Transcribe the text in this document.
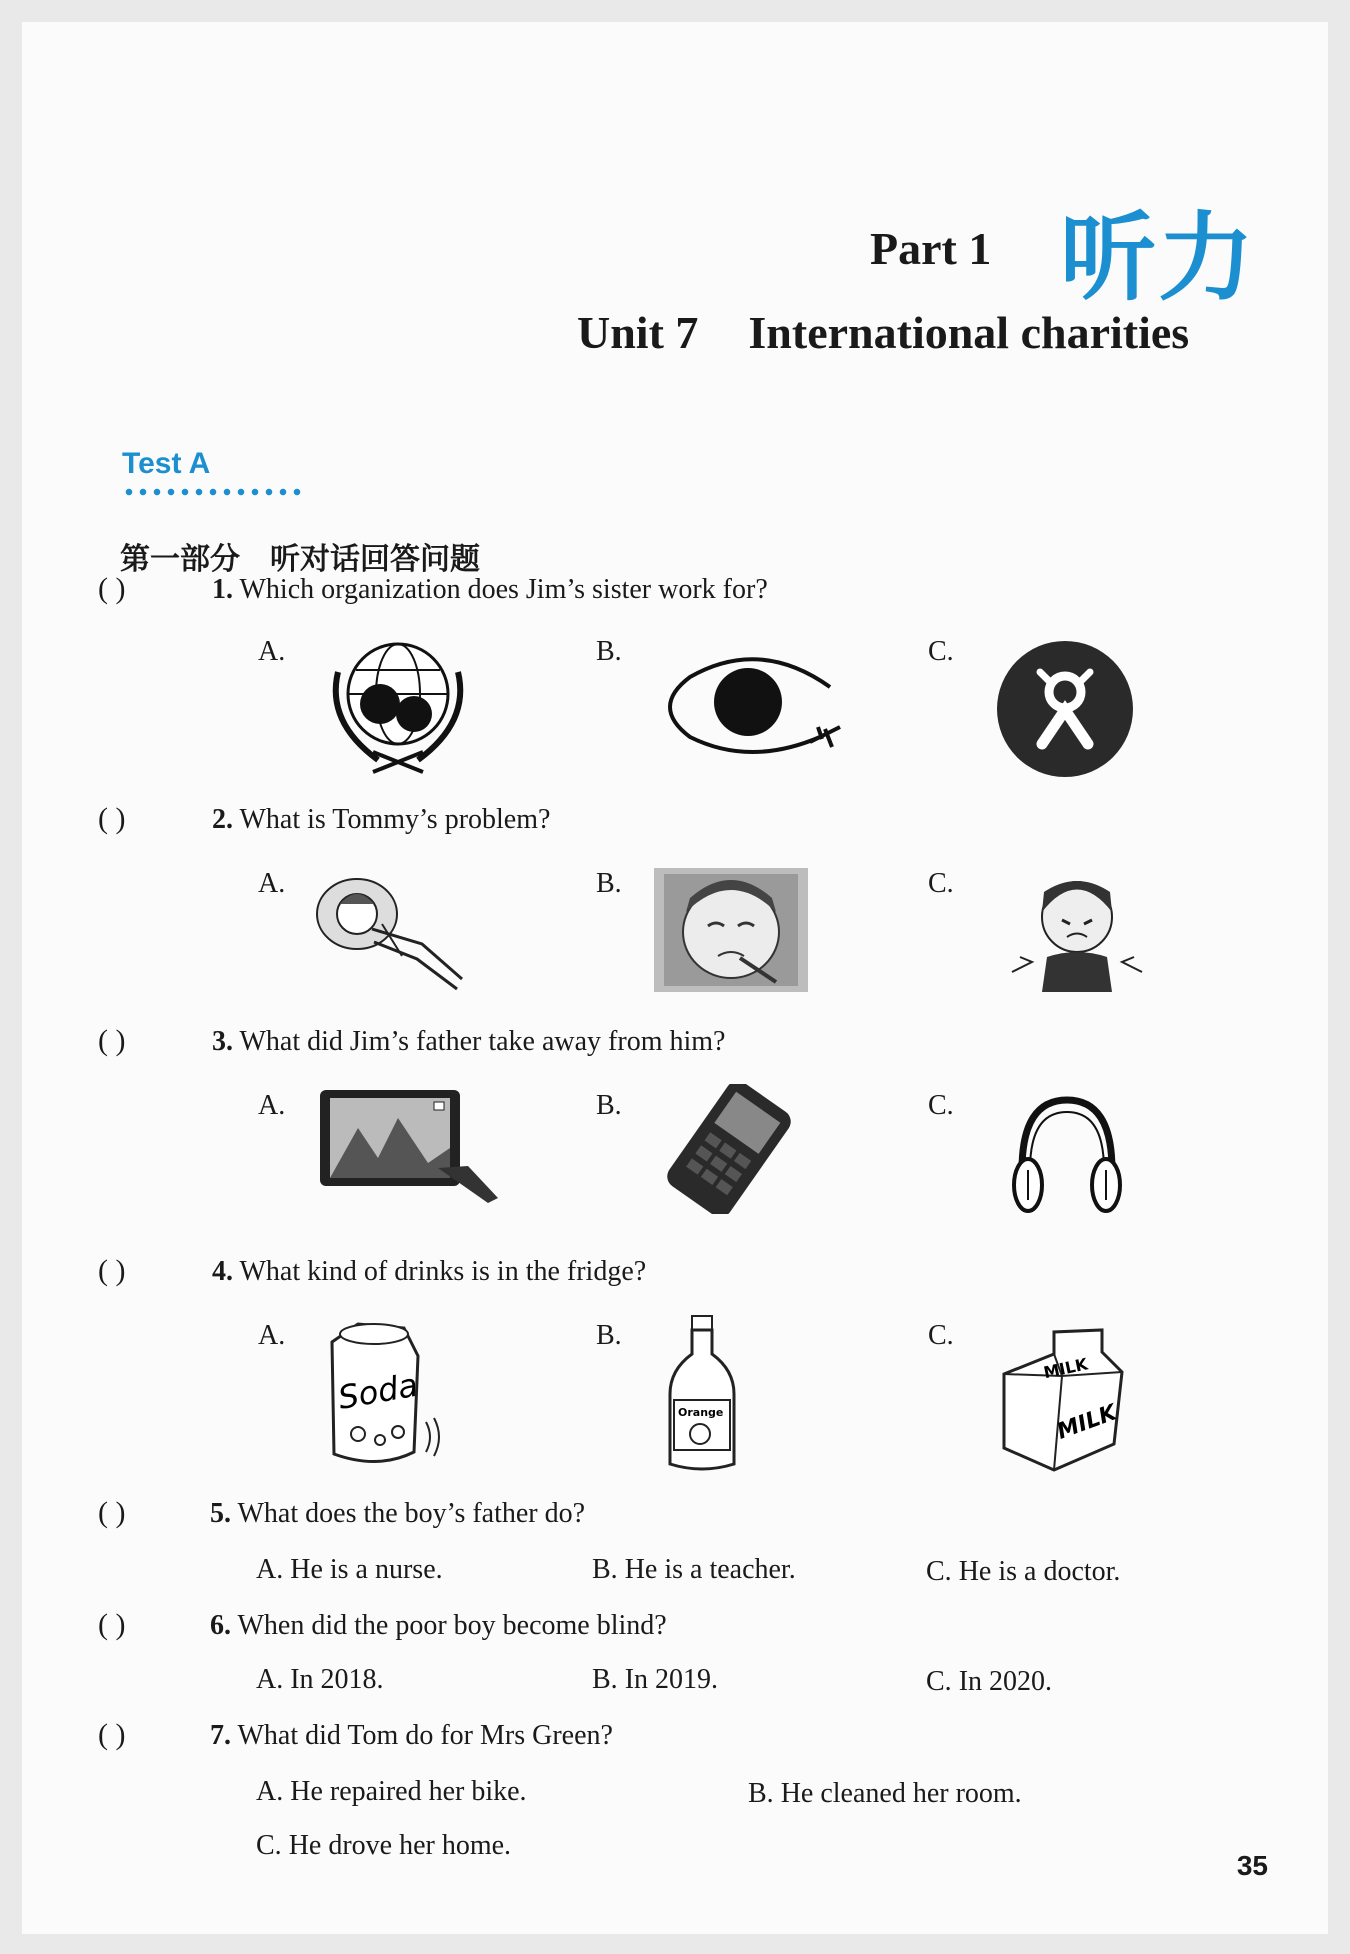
Part 1 听力
Unit 7 International charities
Test A
第一部分 听对话回答问题
( )	1. Which organization does Jim’s sister work for?
A.	B.	C.
( )	2. What is Tommy’s problem?
A.	B.	C.
( )	3. What did Jim’s father take away from him?
A.	B.	C.
( )	4. What kind of drinks is in the fridge?
A.	B.	C.
Soda	Orange
MILK
MILK
( )	5. What does the boy’s father do?
A. He is a nurse.	B. He is a teacher.	C. He is a doctor.
( )	6. When did the poor boy become blind?
A. In 2018.	B. In 2019.	C. In 2020.
( )	7. What did Tom do for Mrs Green?
A. He repaired her bike.	B. He cleaned her room.
C. He drove her home.
35
